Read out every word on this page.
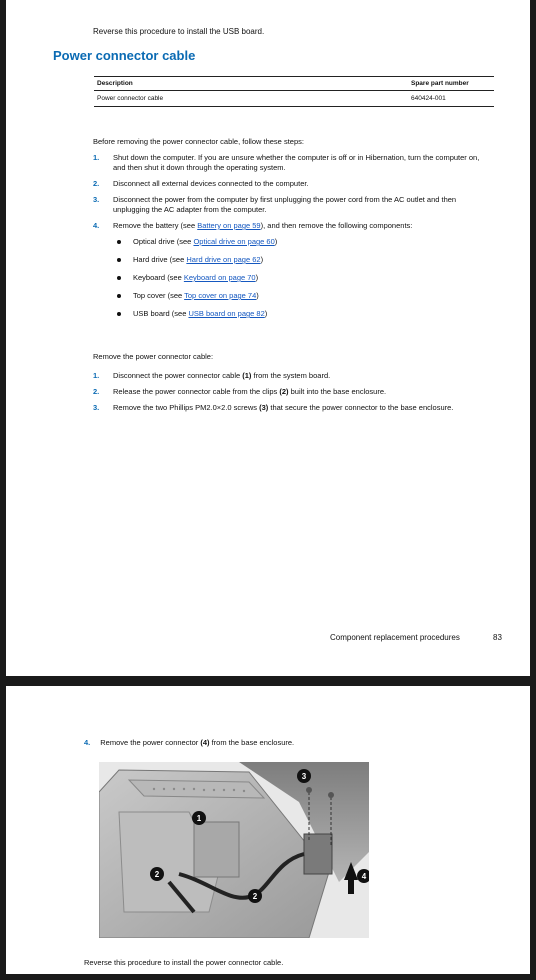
Reverse this procedure to install the USB board.
Power connector cable
Description	Spare part number
Power connector cable	640424-001
Before removing the power connector cable, follow these steps:
1. Shut down the computer. If you are unsure whether the computer is off or in Hibernation, turn the computer on, and then shut it down through the operating system.
2. Disconnect all external devices connected to the computer.
3. Disconnect the power from the computer by first unplugging the power cord from the AC outlet and then unplugging the AC adapter from the computer.
4. Remove the battery (see Battery on page 59), and then remove the following components:
Optical drive (see Optical drive on page 60)
Hard drive (see Hard drive on page 62)
Keyboard (see Keyboard on page 70)
Top cover (see Top cover on page 74)
USB board (see USB board on page 82)
Remove the power connector cable:
1. Disconnect the power connector cable (1) from the system board.
2. Release the power connector cable from the clips (2) built into the base enclosure.
3. Remove the two Phillips PM2.0×2.0 screws (3) that secure the power connector to the base enclosure.
Component replacement procedures	83
4. Remove the power connector (4) from the base enclosure.
1
2
2
3
4
Reverse this procedure to install the power connector cable.
